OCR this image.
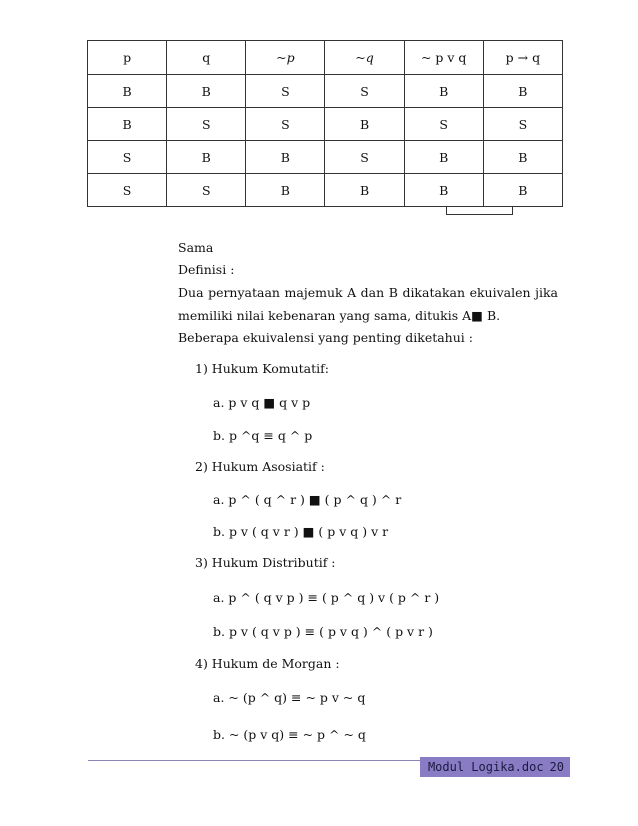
p	q	~p	~q	~ p v q	p → q
B	B	S	S	B	B
B	S	S	B	S	S
S	B	B	S	B	B
S	S	B	B	B	B
Sama
Definisi :
Dua pernyataan majemuk A dan B dikatakan ekuivalen jika
memiliki nilai kebenaran yang sama, ditukis A■ B.
Beberapa ekuivalensi yang penting diketahui :
1) Hukum Komutatif:
a. p v q ■ q v p
b. p ^q ≡ q ^ p
2) Hukum Asosiatif :
a. p ^ ( q ^ r ) ■ ( p ^ q ) ^ r
b. p v ( q v r ) ■ ( p v q ) v r
3) Hukum Distributif :
a. p ^ ( q v p ) ≡ ( p ^ q ) v ( p ^ r )
b. p v ( q v p ) ≡ ( p v q ) ^ ( p v r )
4) Hukum de Morgan :
a. ~ (p ^ q) ≡ ~ p v ~ q
b. ~ (p v q) ≡ ~ p ^ ~ q
Modul Logika.doc 20
